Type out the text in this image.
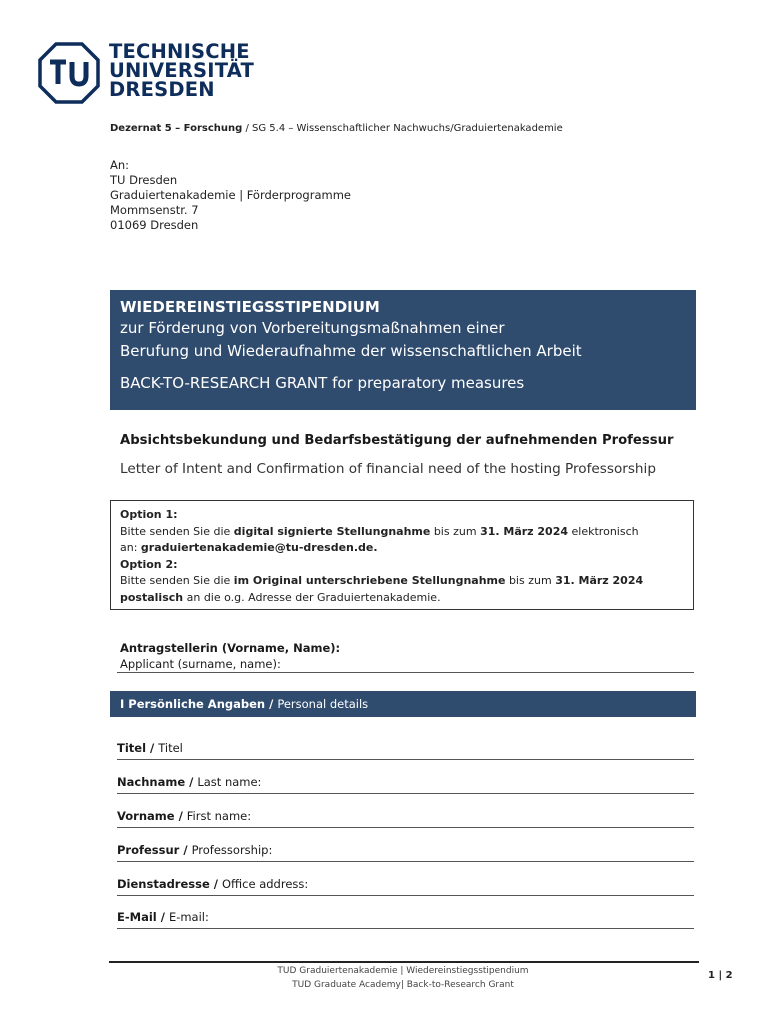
TECHNISCHE
UNIVERSITÄT
DRESDEN
Dezernat 5 – Forschung / SG 5.4 – Wissenschaftlicher Nachwuchs/Graduiertenakademie
An:
TU Dresden
Graduiertenakademie | Förderprogramme
Mommsenstr. 7
01069 Dresden
WIEDEREINSTIEGSSTIPENDIUM
zur Förderung von Vorbereitungsmaßnahmen einer
Berufung und Wiederaufnahme der wissenschaftlichen Arbeit
BACK-TO-RESEARCH GRANT for preparatory measures
Absichtsbekundung und Bedarfsbestätigung der aufnehmenden Professur
Letter of Intent and Confirmation of financial need of the hosting Professorship
Option 1:
Bitte senden Sie die digital signierte Stellungnahme bis zum 31. März 2024 elektronisch
an: graduiertenakademie@tu-dresden.de.
Option 2:
Bitte senden Sie die im Original unterschriebene Stellungnahme bis zum 31. März 2024
postalisch an die o.g. Adresse der Graduiertenakademie.
Antragstellerin (Vorname, Name):
Applicant (surname, name):
I Persönliche Angaben / Personal details
Titel / Titel
Nachname / Last name:
Vorname / First name:
Professur / Professorship:
Dienstadresse / Office address:
E-Mail / E-mail:
TUD Graduiertenakademie | Wiedereinstiegsstipendium
TUD Graduate Academy| Back-to-Research Grant
1 | 2
